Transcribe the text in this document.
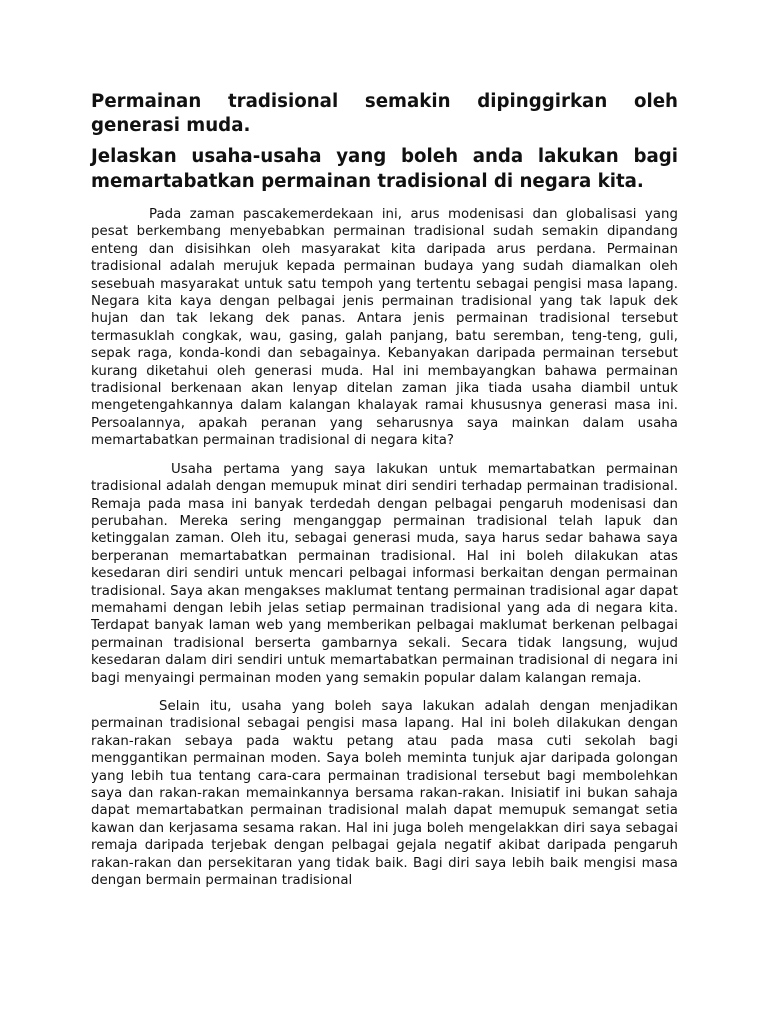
Permainan tradisional semakin dipinggirkan oleh generasi muda.

Jelaskan usaha-usaha yang boleh anda lakukan bagi memartabatkan permainan tradisional di negara kita.

Pada zaman pascakemerdekaan ini, arus modenisasi dan globalisasi yang pesat berkembang menyebabkan permainan tradisional sudah semakin dipandang enteng dan disisihkan oleh masyarakat kita daripada arus perdana. Permainan tradisional adalah merujuk kepada permainan budaya yang sudah diamalkan oleh sesebuah masyarakat untuk satu tempoh yang tertentu sebagai pengisi masa lapang. Negara kita kaya dengan pelbagai jenis permainan tradisional yang tak lapuk dek hujan dan tak lekang dek panas. Antara jenis permainan tradisional tersebut termasuklah congkak, wau, gasing, galah panjang, batu seremban, teng-teng, guli, sepak raga, konda-kondi dan sebagainya. Kebanyakan daripada permainan tersebut kurang diketahui oleh generasi muda. Hal ini membayangkan bahawa permainan tradisional berkenaan akan lenyap ditelan zaman jika tiada usaha diambil untuk mengetengahkannya dalam kalangan khalayak ramai khususnya generasi masa ini. Persoalannya, apakah peranan yang seharusnya saya mainkan dalam usaha memartabatkan permainan tradisional di negara kita?

Usaha pertama yang saya lakukan untuk memartabatkan permainan tradisional adalah dengan memupuk minat diri sendiri terhadap permainan tradisional. Remaja pada masa ini banyak terdedah dengan pelbagai pengaruh modenisasi dan perubahan. Mereka sering menganggap permainan tradisional telah lapuk dan ketinggalan zaman. Oleh itu, sebagai generasi muda, saya harus sedar bahawa saya berperanan memartabatkan permainan tradisional. Hal ini boleh dilakukan atas kesedaran diri sendiri untuk mencari pelbagai informasi berkaitan dengan permainan tradisional. Saya akan mengakses maklumat tentang permainan tradisional agar dapat memahami dengan lebih jelas setiap permainan tradisional yang ada di negara kita. Terdapat banyak laman web yang memberikan pelbagai maklumat berkenan pelbagai permainan tradisional berserta gambarnya sekali. Secara tidak langsung, wujud kesedaran dalam diri sendiri untuk memartabatkan permainan tradisional di negara ini bagi menyaingi permainan moden yang semakin popular dalam kalangan remaja.

Selain itu, usaha yang boleh saya lakukan adalah dengan menjadikan permainan tradisional sebagai pengisi masa lapang. Hal ini boleh dilakukan dengan rakan-rakan sebaya pada waktu petang atau pada masa cuti sekolah bagi menggantikan permainan moden. Saya boleh meminta tunjuk ajar daripada golongan yang lebih tua tentang cara-cara permainan tradisional tersebut bagi membolehkan saya dan rakan-rakan memainkannya bersama rakan-rakan. Inisiatif ini bukan sahaja dapat memartabatkan permainan tradisional malah dapat memupuk semangat setia kawan dan kerjasama sesama rakan. Hal ini juga boleh mengelakkan diri saya sebagai remaja daripada terjebak dengan pelbagai gejala negatif akibat daripada pengaruh rakan-rakan dan persekitaran yang tidak baik. Bagi diri saya lebih baik mengisi masa dengan bermain permainan tradisional
